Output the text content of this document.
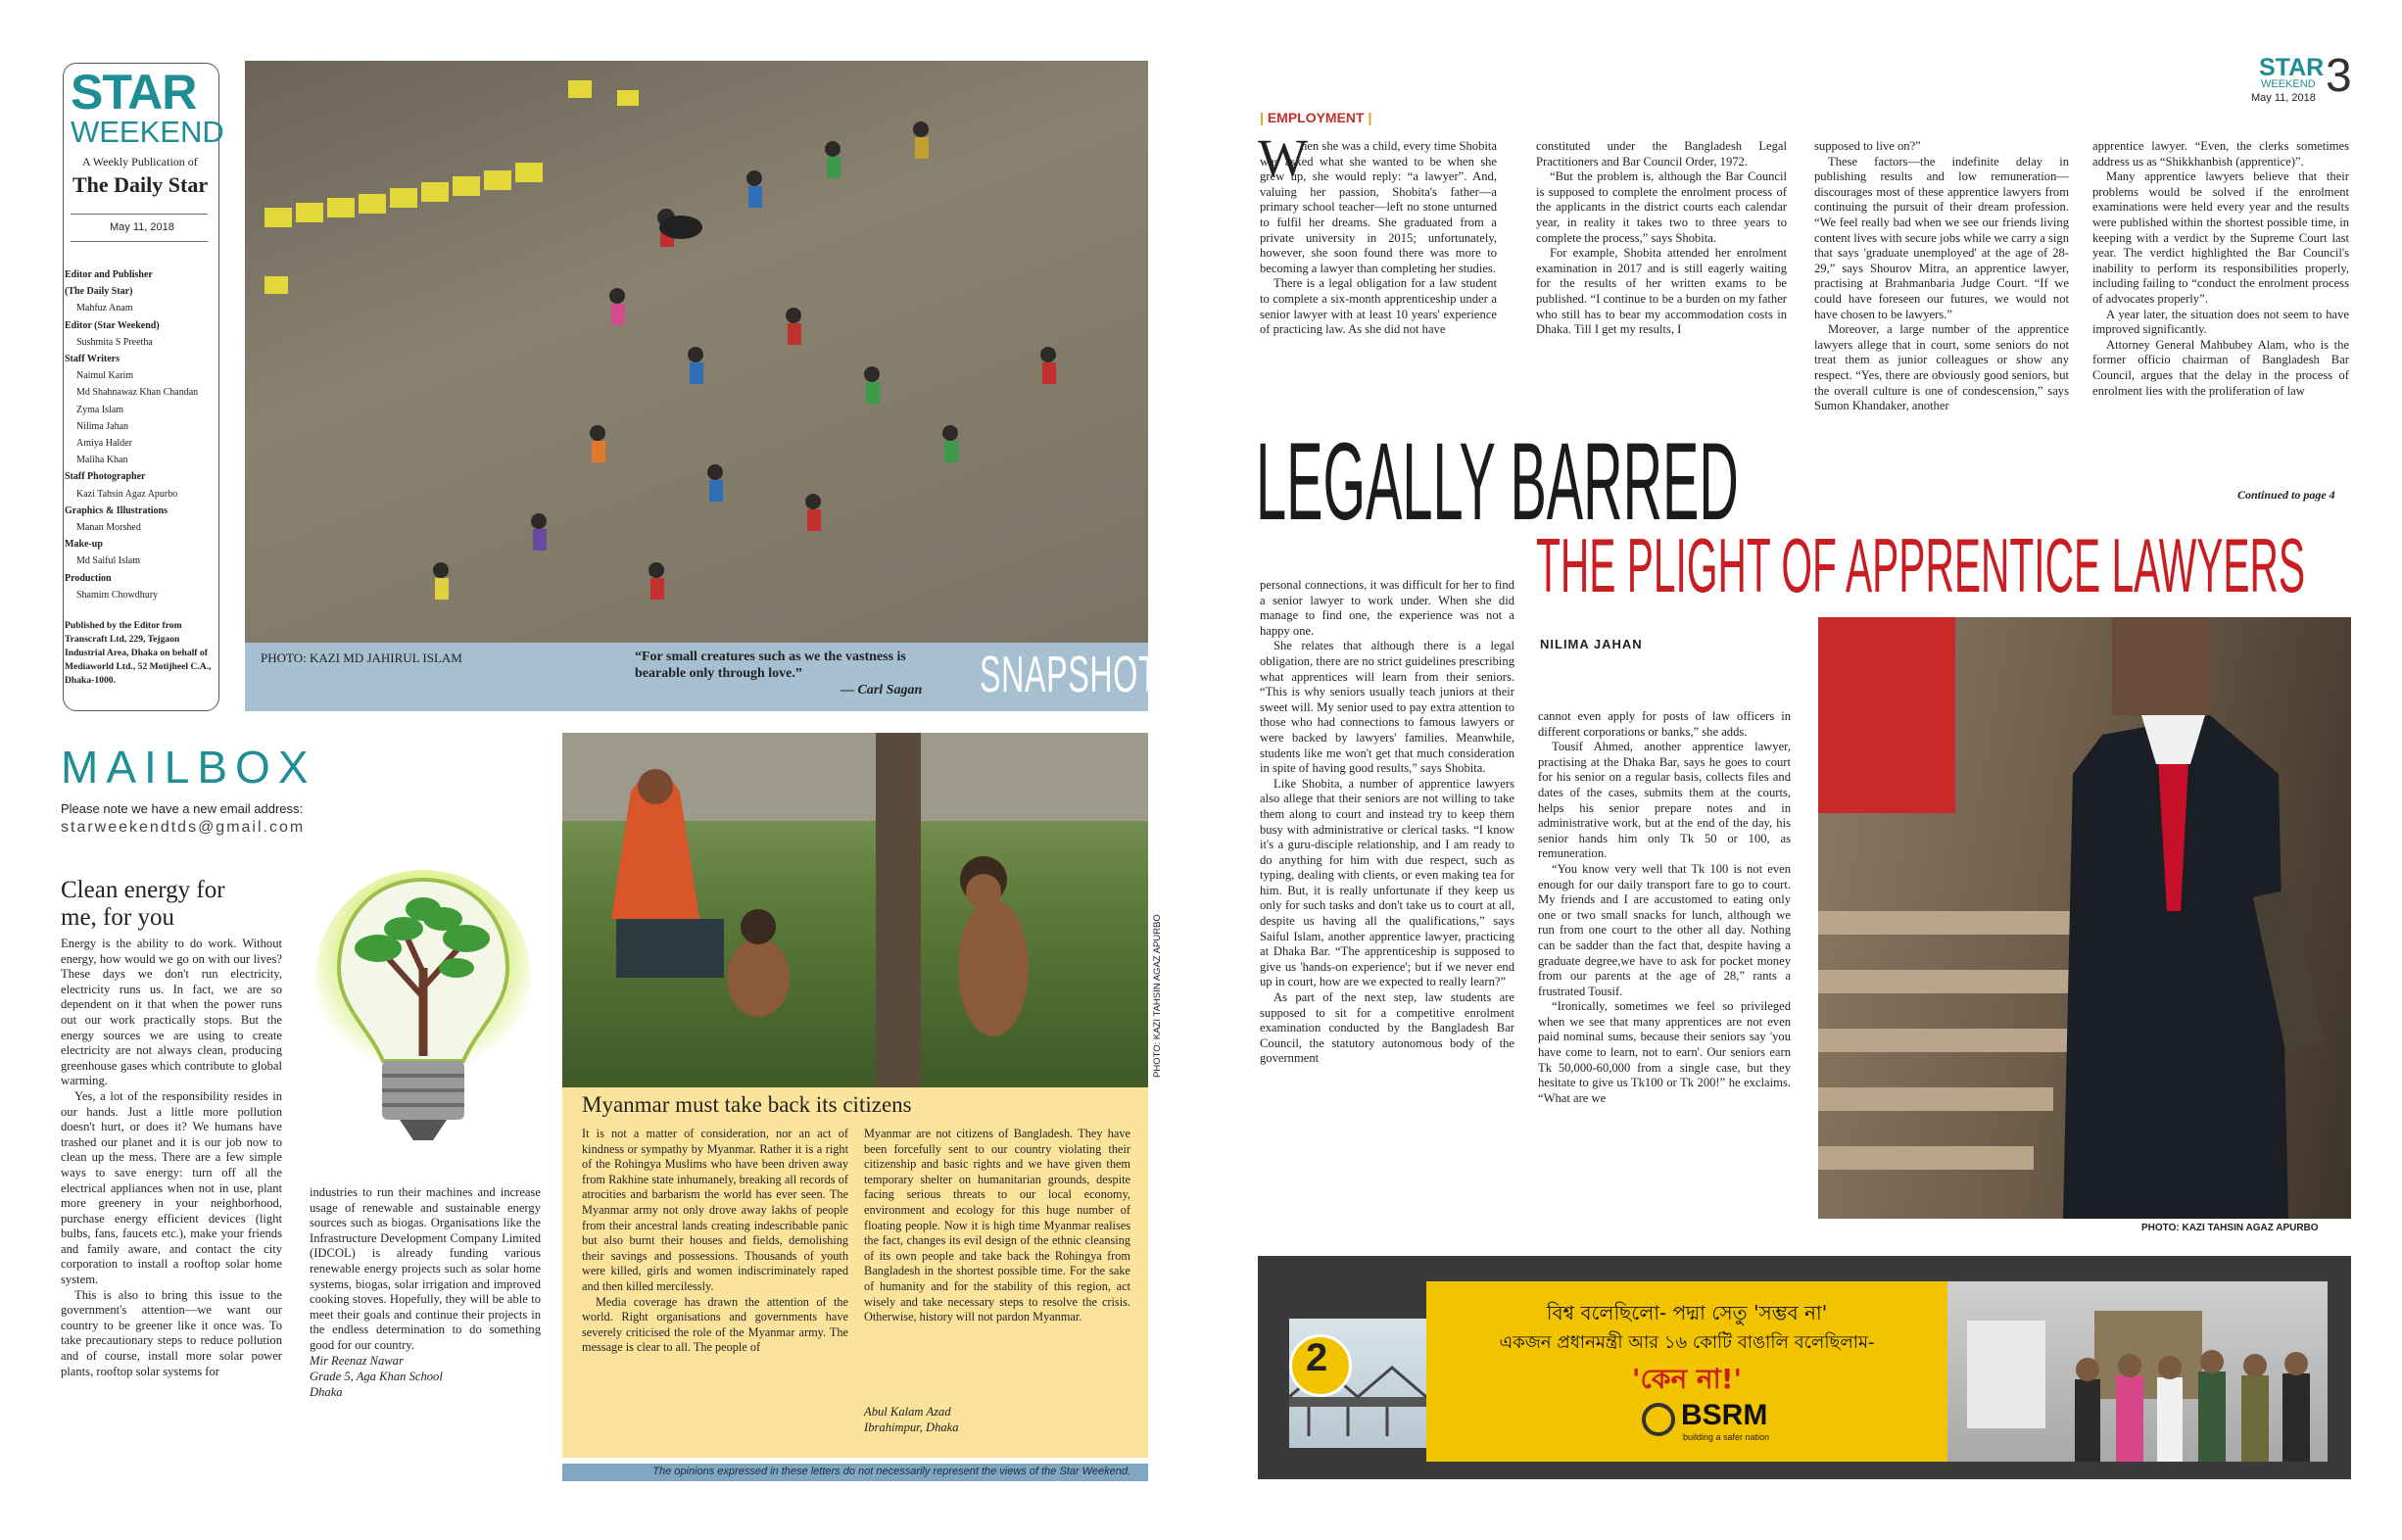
STAR
WEEKEND
A Weekly Publication of
The Daily Star
May 11, 2018
Editor and Publisher
(The Daily Star)
Mahfuz Anam
Editor (Star Weekend)
Sushmita S Preetha
Staff Writers
Naimul Karim
Md Shahnawaz Khan Chandan
Zyma Islam
Nilima Jahan
Amiya Halder
Maliha Khan
Staff Photographer
Kazi Tahsin Agaz Apurbo
Graphics & Illustrations
Manan Morshed
Make-up
Md Saiful Islam
Production
Shamim Chowdhury
Published by the Editor from Transcraft Ltd, 229, Tejgaon Industrial Area, Dhaka on behalf of Mediaworld Ltd., 52 Motijheel C.A., Dhaka-1000.
PHOTO: KAZI MD JAHIRUL ISLAM	“For small creatures such as we the vastness is bearable only through love.”
— Carl Sagan SNAPSHOT
MAILBOX
Please note we have a new email address:
starweekendtds@gmail.com
Clean energy for me, for you

Energy is the ability to do work. Without energy, how would we go on with our lives? These days we don't run electricity, electricity runs us. In fact, we are so dependent on it that when the power runs out our work practically stops. But the energy sources we are using to create electricity are not always clean, producing greenhouse gases which contribute to global warming.

Yes, a lot of the responsibility resides in our hands. Just a little more pollution doesn't hurt, or does it? We humans have trashed our planet and it is our job now to clean up the mess. There are a few simple ways to save energy: turn off all the electrical appliances when not in use, plant more greenery in your neighborhood, purchase energy efficient devices (light bulbs, fans, faucets etc.), make your friends and family aware, and contact the city corporation to install a rooftop solar home system.

This is also to bring this issue to the government's attention—we want our country to be greener like it once was. To take precautionary steps to reduce pollution and of course, install more solar power plants, rooftop solar systems for

industries to run their machines and increase usage of renewable and sustainable energy sources such as biogas. Organisations like the Infrastructure Development Company Limited (IDCOL) is already funding various renewable energy projects such as solar home systems, biogas, solar irrigation and improved cooking stoves. Hopefully, they will be able to meet their goals and continue their projects in the endless determination to do something good for our country.

Mir Reenaz Nawar
Grade 5, Aga Khan School
Dhaka
PHOTO: KAZI TAHSIN AGAZ APURBO
Myanmar must take back its citizens

It is not a matter of consideration, nor an act of kindness or sympathy by Myanmar. Rather it is a right of the Rohingya Muslims who have been driven away from Rakhine state inhumanely, breaking all records of atrocities and barbarism the world has ever seen. The Myanmar army not only drove away lakhs of people from their ancestral lands creating indescribable panic but also burnt their houses and fields, demolishing their savings and possessions. Thousands of youth were killed, girls and women indiscriminately raped and then killed mercilessly.

Media coverage has drawn the attention of the world. Right organisations and governments have severely criticised the role of the Myanmar army. The message is clear to all. The people of

Myanmar are not citizens of Bangladesh. They have been forcefully sent to our country violating their citizenship and basic rights and we have given them temporary shelter on humanitarian grounds, despite facing serious threats to our local economy, environment and ecology for this huge number of floating people. Now it is high time Myanmar realises the fact, changes its evil design of the ethnic cleansing of its own people and take back the Rohingya from Bangladesh in the shortest possible time. For the sake of humanity and for the stability of this region, act wisely and take necessary steps to resolve the crisis. Otherwise, history will not pardon Myanmar.

Abul Kalam Azad
Ibrahimpur, Dhaka
The opinions expressed in these letters do not necessarily represent the views of the Star Weekend.
STAR
WEEKEND
May 11, 2018 3
| EMPLOYMENT |
W

hen she was a child, every time Shobita was asked what she wanted to be when she grew up, she would reply: “a lawyer”. And, valuing her passion, Shobita's father—a primary school teacher—left no stone unturned to fulfil her dreams. She graduated from a private university in 2015; unfortunately, however, she soon found there was more to becoming a lawyer than completing her studies.

There is a legal obligation for a law student to complete a six-month apprenticeship under a senior lawyer with at least 10 years' experience of practicing law. As she did not have

constituted under the Bangladesh Legal Practitioners and Bar Council Order, 1972.

“But the problem is, although the Bar Council is supposed to complete the enrolment process of the applicants in the district courts each calendar year, in reality it takes two to three years to complete the process,” says Shobita.

For example, Shobita attended her enrolment examination in 2017 and is still eagerly waiting for the results of her written exams to be published. “I continue to be a burden on my father who still has to bear my accommodation costs in Dhaka. Till I get my results, I

supposed to live on?”

These factors—the indefinite delay in publishing results and low remuneration—discourages most of these apprentice lawyers from continuing the pursuit of their dream profession. “We feel really bad when we see our friends living content lives with secure jobs while we carry a sign that says 'graduate unemployed' at the age of 28-29,” says Shourov Mitra, an apprentice lawyer, practising at Brahmanbaria Judge Court. “If we could have foreseen our futures, we would not have chosen to be lawyers.”

Moreover, a large number of the apprentice lawyers allege that in court, some seniors do not treat them as junior colleagues or show any respect. “Yes, there are obviously good seniors, but the overall culture is one of condescension,” says Sumon Khandaker, another

apprentice lawyer. “Even, the clerks sometimes address us as “Shikkhanbish (apprentice)”.

Many apprentice lawyers believe that their problems would be solved if the enrolment examinations were held every year and the results were published within the shortest possible time, in keeping with a verdict by the Supreme Court last year. The verdict highlighted the Bar Council's inability to perform its responsibilities properly, including failing to “conduct the enrolment process of advocates properly”.

A year later, the situation does not seem to have improved significantly.

Attorney General Mahbubey Alam, who is the former officio chairman of Bangladesh Bar Council, argues that the delay in the process of enrolment lies with the proliferation of law

Continued to page 4
LEGALLY BARRED
THE PLIGHT OF APPRENTICE LAWYERS
NILIMA JAHAN

personal connections, it was difficult for her to find a senior lawyer to work under. When she did manage to find one, the experience was not a happy one.

She relates that although there is a legal obligation, there are no strict guidelines prescribing what apprentices will learn from their seniors. “This is why seniors usually teach juniors at their sweet will. My senior used to pay extra attention to those who had connections to famous lawyers or were backed by lawyers' families. Meanwhile, students like me won't get that much consideration in spite of having good results,” says Shobita.

Like Shobita, a number of apprentice lawyers also allege that their seniors are not willing to take them along to court and instead try to keep them busy with administrative or clerical tasks. “I know it's a guru-disciple relationship, and I am ready to do anything for him with due respect, such as typing, dealing with clients, or even making tea for him. But, it is really unfortunate if they keep us only for such tasks and don't take us to court at all, despite us having all the qualifications,” says Saiful Islam, another apprentice lawyer, practicing at Dhaka Bar. “The apprenticeship is supposed to give us 'hands-on experience'; but if we never end up in court, how are we expected to really learn?”

As part of the next step, law students are supposed to sit for a competitive enrolment examination conducted by the Bangladesh Bar Council, the statutory autonomous body of the government

cannot even apply for posts of law officers in different corporations or banks,” she adds.

Tousif Ahmed, another apprentice lawyer, practising at the Dhaka Bar, says he goes to court for his senior on a regular basis, collects files and dates of the cases, submits them at the courts, helps his senior prepare notes and in administrative work, but at the end of the day, his senior hands him only Tk 50 or 100, as remuneration.

“You know very well that Tk 100 is not even enough for our daily transport fare to go to court. My friends and I are accustomed to eating only one or two small snacks for lunch, although we run from one court to the other all day. Nothing can be sadder than the fact that, despite having a graduate degree,we have to ask for pocket money from our parents at the age of 28,” rants a frustrated Tousif.

“Ironically, sometimes we feel so privileged when we see that many apprentices are not even paid nominal sums, because their seniors say 'you have come to learn, not to earn'. Our seniors earn Tk 50,000-60,000 from a single case, but they hesitate to give us Tk100 or Tk 200!” he exclaims. “What are we

PHOTO: KAZI TAHSIN AGAZ APURBO
2
বিশ্ব বলেছিলো- পদ্মা সেতু 'সম্ভব না'
একজন প্রধানমন্ত্রী আর ১৬ কোটি বাঙালি বলেছিলাম-
'কেন না!'
BSRM
building a safer nation
